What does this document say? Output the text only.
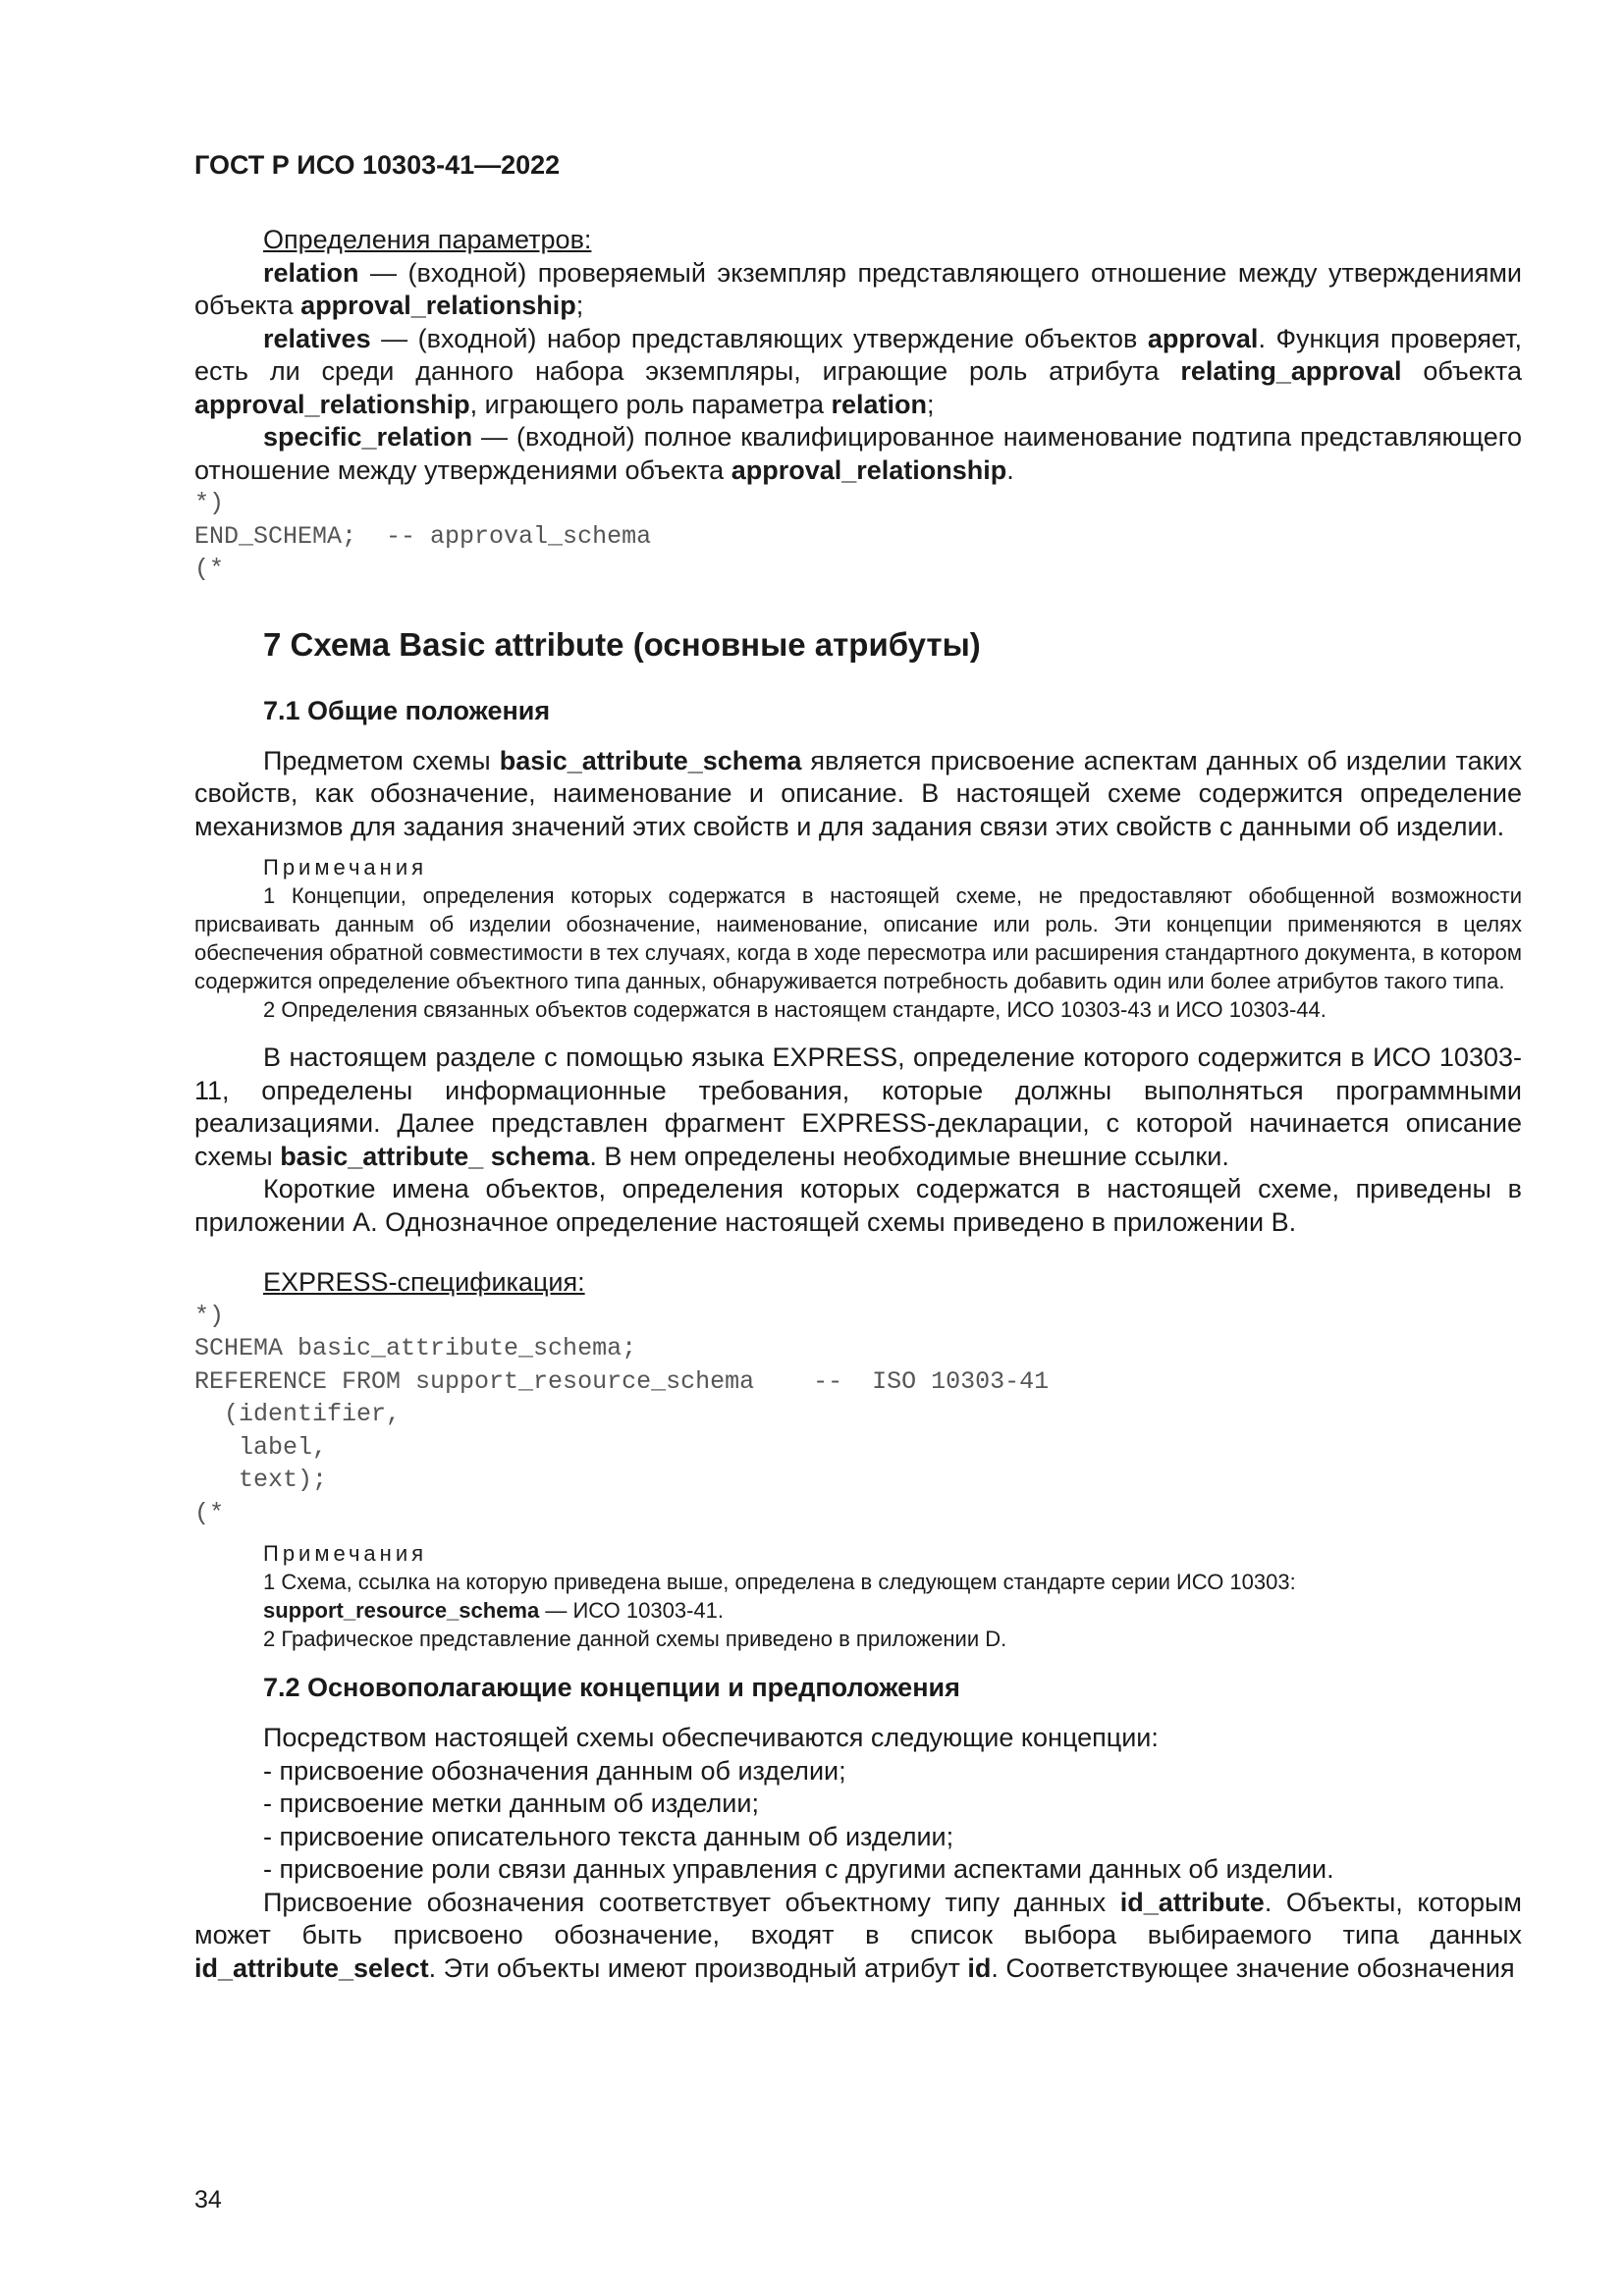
ГОСТ Р ИСО 10303-41—2022

Определения параметров:

relation — (входной) проверяемый экземпляр представляющего отношение между утверждениями объекта approval_relationship;

relatives — (входной) набор представляющих утверждение объектов approval. Функция проверяет, есть ли среди данного набора экземпляры, играющие роль атрибута relating_approval объекта approval_relationship, играющего роль параметра relation;

specific_relation — (входной) полное квалифицированное наименование подтипа представляющего отношение между утверждениями объекта approval_relationship.

*)
END_SCHEMA;  -- approval_schema
(*
7 Схема Basic attribute (основные атрибуты)
7.1 Общие положения

Предметом схемы basic_attribute_schema является присвоение аспектам данных об изделии таких свойств, как обозначение, наименование и описание. В настоящей схеме содержится определение механизмов для задания значений этих свойств и для задания связи этих свойств с данными об изделии.

Примечания

1 Концепции, определения которых содержатся в настоящей схеме, не предоставляют обобщенной возможности присваивать данным об изделии обозначение, наименование, описание или роль. Эти концепции применяются в целях обеспечения обратной совместимости в тех случаях, когда в ходе пересмотра или расширения стандартного документа, в котором содержится определение объектного типа данных, обнаруживается потребность добавить один или более атрибутов такого типа.

2 Определения связанных объектов содержатся в настоящем стандарте, ИСО 10303-43 и ИСО 10303-44.

В настоящем разделе с помощью языка EXPRESS, определение которого содержится в ИСО 10303-11, определены информационные требования, которые должны выполняться программными реализациями. Далее представлен фрагмент EXPRESS-декларации, с которой начинается описание схемы basic_attribute_ schema. В нем определены необходимые внешние ссылки.

Короткие имена объектов, определения которых содержатся в настоящей схеме, приведены в приложении A. Однозначное определение настоящей схемы приведено в приложении B.

EXPRESS-спецификация:

*)
SCHEMA basic_attribute_schema;
REFERENCE FROM support_resource_schema    --  ISO 10303-41
(identifier,
label,
text);
(*
Примечания

1 Схема, ссылка на которую приведена выше, определена в следующем стандарте серии ИСО 10303:

support_resource_schema — ИСО 10303-41.

2 Графическое представление данной схемы приведено в приложении D.

7.2 Основополагающие концепции и предположения

Посредством настоящей схемы обеспечиваются следующие концепции:

- присвоение обозначения данным об изделии;

- присвоение метки данным об изделии;

- присвоение описательного текста данным об изделии;

- присвоение роли связи данных управления с другими аспектами данных об изделии.

Присвоение обозначения соответствует объектному типу данных id_attribute. Объекты, которым может быть присвоено обозначение, входят в список выбора выбираемого типа данных id_attribute_select. Эти объекты имеют производный атрибут id. Соответствующее значение обозначения

34
